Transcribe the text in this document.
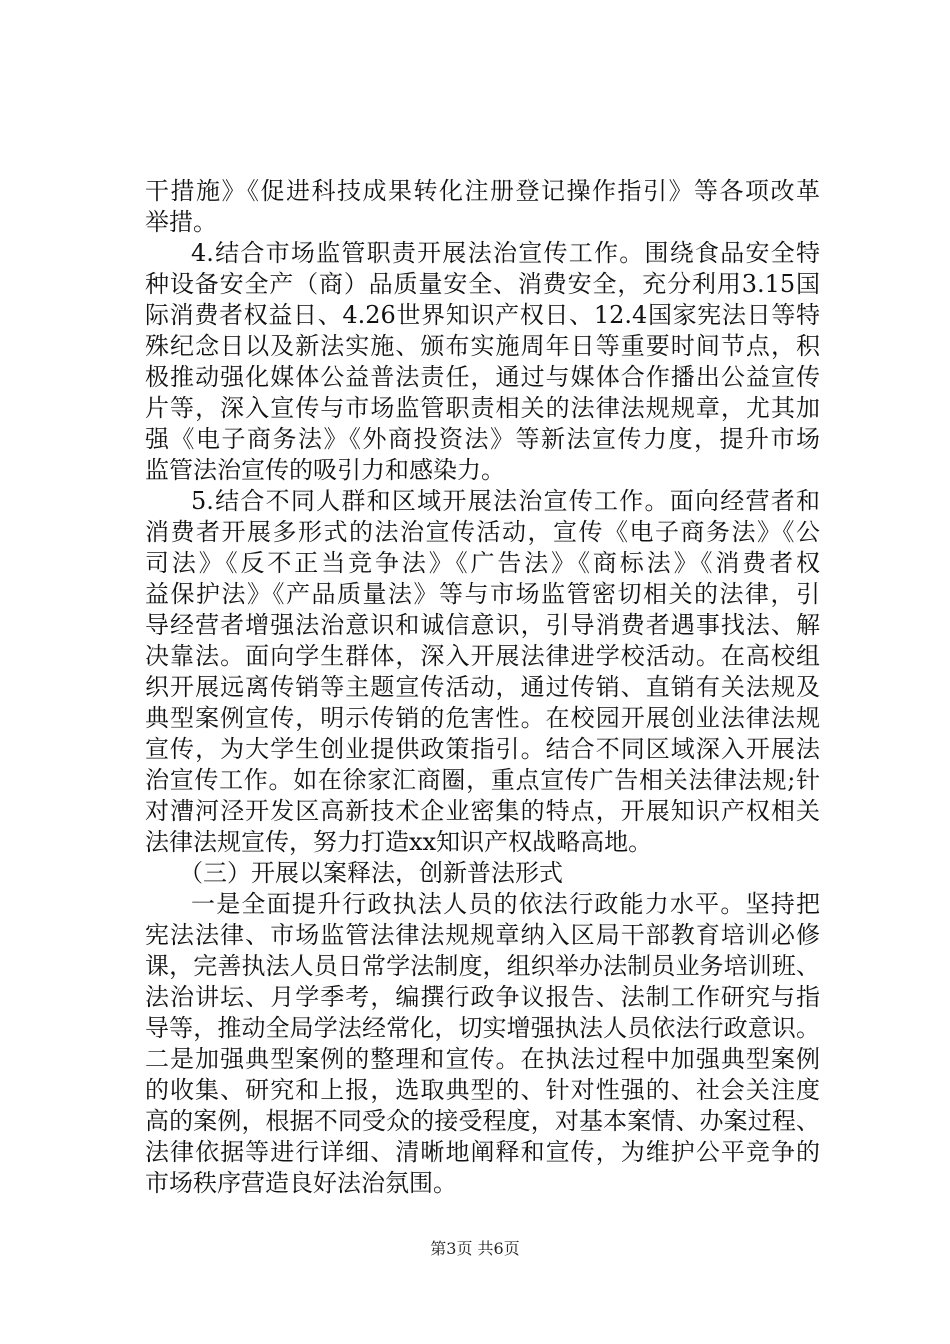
干措施》《促进科技成果转化注册登记操作指引》等各项改革
举措。
4.结合市场监管职责开展法治宣传工作。围绕食品安全特
种设备安全产（商）品质量安全、消费安全，充分利用3.15国
际消费者权益日、4.26世界知识产权日、12.4国家宪法日等特
殊纪念日以及新法实施、颁布实施周年日等重要时间节点，积
极推动强化媒体公益普法责任，通过与媒体合作播出公益宣传
片等，深入宣传与市场监管职责相关的法律法规规章，尤其加
强《电子商务法》《外商投资法》等新法宣传力度，提升市场
监管法治宣传的吸引力和感染力。
5.结合不同人群和区域开展法治宣传工作。面向经营者和
消费者开展多形式的法治宣传活动，宣传《电子商务法》《公
司法》《反不正当竞争法》《广告法》《商标法》《消费者权
益保护法》《产品质量法》等与市场监管密切相关的法律，引
导经营者增强法治意识和诚信意识，引导消费者遇事找法、解
决靠法。面向学生群体，深入开展法律进学校活动。在高校组
织开展远离传销等主题宣传活动，通过传销、直销有关法规及
典型案例宣传，明示传销的危害性。在校园开展创业法律法规
宣传，为大学生创业提供政策指引。结合不同区域深入开展法
治宣传工作。如在徐家汇商圈，重点宣传广告相关法律法规;针
对漕河泾开发区高新技术企业密集的特点，开展知识产权相关
法律法规宣传，努力打造xx知识产权战略高地。
（三）开展以案释法，创新普法形式
一是全面提升行政执法人员的依法行政能力水平。坚持把
宪法法律、市场监管法律法规规章纳入区局干部教育培训必修
课，完善执法人员日常学法制度，组织举办法制员业务培训班、
法治讲坛、月学季考，编撰行政争议报告、法制工作研究与指
导等，推动全局学法经常化，切实增强执法人员依法行政意识。
二是加强典型案例的整理和宣传。在执法过程中加强典型案例
的收集、研究和上报，选取典型的、针对性强的、社会关注度
高的案例，根据不同受众的接受程度，对基本案情、办案过程、
法律依据等进行详细、清晰地阐释和宣传，为维护公平竞争的
市场秩序营造良好法治氛围。
第3页 共6页
